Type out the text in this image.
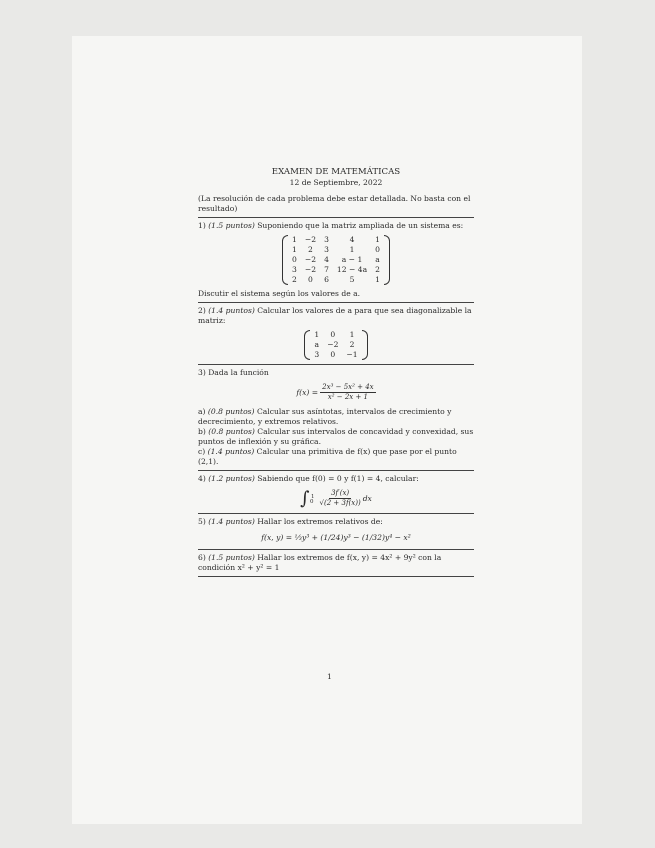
EXAMEN DE MATEMÁTICAS
12 de Septiembre, 2022

(La resolución de cada problema debe estar detallada. No basta con el resultado)

1) (1.5 puntos) Suponiendo que la matriz ampliada de un sistema es:

1	−2	3	4	1
1	2	3	1	0
0	−2	4	a − 1	a
3	−2	7	12 − 4a	2
2	0	6	5	1

Discutir el sistema según los valores de a.

2) (1.4 puntos) Calcular los valores de a para que sea diagonalizable la matriz:

1	0	1
a	−2	2
3	0	−1

3) Dada la función

$f(x) = \frac{\text{2x³ − 5x² + 4x}}{\text{x² − 2x + 1}}$

a) (0.8 puntos) Calcular sus asíntotas, intervalos de crecimiento y decrecimiento, y extremos relativos.

b) (0.8 puntos) Calcular sus intervalos de concavidad y convexidad, sus puntos de inflexión y su gráfica.

c) (1.4 puntos) Calcular una primitiva de f(x) que pase por el punto (2,1).

4) (1.2 puntos) Sabiendo que f(0) = 0 y f(1) = 4, calcular:

∫ 1
$0 \frac{3f'(x)}{√(2 + 3f(x))}$ dx

5) (1.4 puntos) Hallar los extremos relativos de:

f(x, y) = ⅓y³ + (1/24)y³ − (1/32)y⁴ − x²

6) (1.5 puntos) Hallar los extremos de f(x, y) = 4x² + 9y² con la condición x² + y² = 1

1
